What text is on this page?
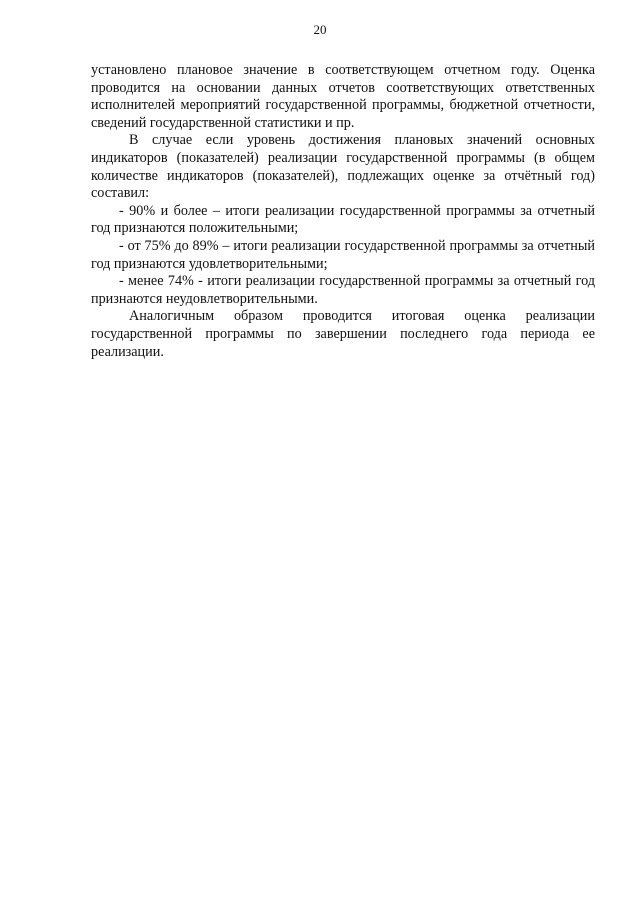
20

установлено плановое значение в соответствующем отчетном году. Оценка проводится на основании данных отчетов соответствующих ответственных исполнителей мероприятий государственной программы, бюджетной отчетности, сведений государственной статистики и пр.

В случае если уровень достижения плановых значений основных индикаторов (показателей) реализации государственной программы (в общем количестве индикаторов (показателей), подлежащих оценке за отчётный год) составил:

- 90% и более – итоги реализации государственной программы за отчетный год признаются положительными;

- от 75% до 89% – итоги реализации государственной программы за отчетный год признаются удовлетворительными;

- менее 74% - итоги реализации государственной программы за отчетный год признаются неудовлетворительными.

Аналогичным образом проводится итоговая оценка реализации государственной программы по завершении последнего года периода ее реализации.
